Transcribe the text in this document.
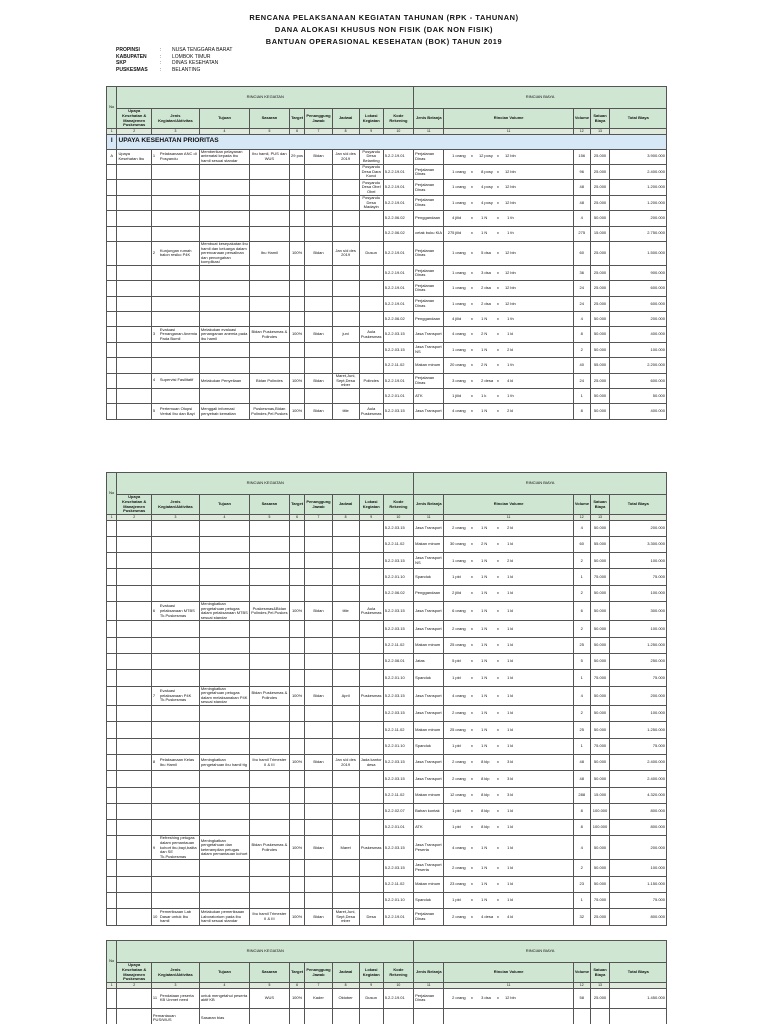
RENCANA PELAKSANAAN KEGIATAN TAHUNAN (RPK - TAHUNAN)
DANA ALOKASI KHUSUS NON FISIK (DAK NON FISIK)
BANTUAN OPERASIONAL KESEHATAN (BOK) TAHUN 2019
PROPINSI	:	NUSA TENGGARA BARAT
KABUPATEN	:	LOMBOK TIMUR
SKP	:	DINAS KESEHATAN
PUSKESMAS	:	BELANTING
No	RINCIAN KEGIATAN									RINCIAN BIAYA				
	Upaya Kesehatan & Manajemen Puskesmas	Jenis Kegiatan/Aktivitas	Tujuan	Sasaran	Target	Penanggung Jawab	Jadwal	Lokasi Kegiatan	Kode Rekening	Jenis Belanja	Rincian Volume	Volume	Satuan Biaya	Total Biaya
1	2	3	4	5	6	7	8	9	10	11	11	12	13	
I	UPAYA KESEHATAN PRIORITAS													
A	Upaya Kesehatan Ibu	1 Pelaksanaan ANC di Posyandu	Memberikan pelayanan antenatal kepada ibu hamil sesuai standar	Ibu hamil, PUS dan WUS	29 pos	Bidan	Jan s/d des 2019	Posyandu Desa Belanting	5.2.2.19.01	Perjalanan Dinas	1orang x 12posy x 12bln	156	25.000	3.900.000
								Posyandu Desa Dara Kunci	5.2.2.19.01	Perjalanan Dinas	1orang x 8posy x 12bln	96	25.000	2.400.000
								Posyandu Desa Obel Obel	5.2.2.19.01	Perjalanan Dinas	1orang x 4posy x 12bln	48	25.000	1.200.000
								Posyandu Desa Madayin	5.2.2.19.01	Perjalanan Dinas	1orang x 4posy x 12bln	48	25.000	1.200.000
									5.2.2.06.02	Penggandaan	4jilid x 1N x 1th	4	50.000	200.000
									5.2.2.06.02	cetak buku KIA	275jilid x 1N x 1th	275	15.000	2.750.000
		2 Kunjungan rumah balon resiko P4K	Membuat kesepakatan ibu hamil dan keluarga dalam perencanaan persalinan dan pencegahan komplikasi	Ibu Hamil	100%	Bidan	Jan s/d des 2019	Dusun	5.2.2.19.01	Perjalanan Dinas	1orang x 5dsa x 12bln	60	25.000	1.500.000
									5.2.2.19.01	Perjalanan Dinas	1orang x 3dsa x 12bln	36	25.000	900.000
									5.2.2.19.01	Perjalanan Dinas	1orang x 2dsa x 12bln	24	25.000	600.000
									5.2.2.19.01	Perjalanan Dinas	1orang x 2dsa x 12bln	24	25.000	600.000
									5.2.2.06.02	Penggandaan	4jilid x 1N x 1th	4	50.000	200.000
		3Evaluasi Penanganan Anemia Pada Bumil	Melakukan evaluasi penanganan anemia pada ibu hamil	Bidan Puskesmas & Polindes	100%	Bidan	juni	Aula Puskesmas	5.2.2.03.15	Jasa Transport	4orang x 2N x 1kl	8	50.000	400.000
									5.2.2.03.15	Jasa Transport NS	1orang x 1N x 2kl	2	50.000	100.000
									5.2.2.11.02	Makan minum	20orang x 2N x 1th	40	55.000	2.200.000
		4 Supervisi Fasilitatif	Melakukan Penyeliaan	Bidan Polindes	100%	Bidan	Maret,Juni, Sept,Desa mber	Polindes	5.2.2.19.01	Perjalanan Dinas	3orang x 2desa x 4kl	24	25.000	600.000
									5.2.2.01.01	ATK	1jilid x 1k x 1th	1	50.000	50.000
		5 Pertemuan Otopsi Verbal Ibu dan Bayi	Menggali informasi penyebab kematian	Puskesmas,Bidan Polindes,Pel.Puskes	100%	Bidan	title	Aula Puskesmas	5.2.2.03.15	Jasa Transport	4orang x 1N x 2kl	8	50.000	400.000
No	RINCIAN KEGIATAN									RINCIAN BIAYA				
	Upaya Kesehatan & Manajemen Puskesmas	Jenis Kegiatan/Aktivitas	Tujuan	Sasaran	Target	Penanggung Jawab	Jadwal	Lokasi Kegiatan	Kode Rekening	Jenis Belanja	Rincian Volume	Volume	Satuan Biaya	Total Biaya
1	2	3	4	5	6	7	8	9	10	11	11	12	13	
									5.2.2.03.15	Jasa Transport	2orang x 1N x 2kl	4	50.000	200.000
									5.2.2.11.02	Makan minum	30orang x 2N x 1kl	60	55.000	3.300.000
									5.2.2.03.15	Jasa Transport NS	1orang x 1N x 2kl	2	50.000	100.000
									5.2.2.01.10	Spanduk	1pkt x 1N x 1kl	1	75.000	75.000
									5.2.2.06.02	Penggandaan	2jilid x 1N x 1kl	2	50.000	100.000
		6Evaluasi pelaksanaan MTBS Tk.Puskesmas	Meningkatkan pengetahuan petugas dalam pelaksanaan MTBS sesuai standar	Puskesmas&Bidan Polindes,Pel.Puskes	100%	Bidan	title	Aula Puskesmas	5.2.2.03.15	Jasa Transport	6orang x 1N x 1kl	6	50.000	300.000
									5.2.2.03.15	Jasa Transport	2orang x 1N x 1kl	2	50.000	100.000
									5.2.2.11.02	Makan minum	25orang x 1N x 1kl	25	50.000	1.250.000
									5.2.2.06.01	Jatas	5pkt x 1N x 1kl	5	50.000	250.000
									5.2.2.01.10	Spanduk	1pkt x 1N x 1kl	1	75.000	75.000
		7Evaluasi pelaksanaan P4K Tk.Puskesmas	Meningkatkan pengetahuan petugas dalam melaksanakan P4K sesuai standar	Bidan Puskesmas & Polindes	100%	Bidan	April	Puskesmas	5.2.2.03.15	Jasa Transport	4orang x 1N x 1kl	4	50.000	200.000
									5.2.2.03.15	Jasa Transport	2orang x 1N x 1kl	2	50.000	100.000
									5.2.2.11.02	Makan minum	25orang x 1N x 1kl	25	50.000	1.250.000
									5.2.2.01.10	Spanduk	1pkt x 1N x 1kl	1	75.000	75.000
		8 Pelaksanaan Kelas Ibu Hamil	Meningkatkan pengetahuan ibu hamil ttg	Ibu hamil Trimester II & III	100%	Bidan	Jan s/d des 2019	Jada kantor desa	5.2.2.03.15	Jasa Transport	2orang x 8klp x 3kl	48	50.000	2.400.000
									5.2.2.03.15	Jasa Transport	2orang x 8klp x 3kl	48	50.000	2.400.000
									5.2.2.11.02	Makan minum	12orang x 8klp x 3kl	288	15.000	4.320.000
									5.2.2.02.07	Bahan kontak	1pkt x 8klp x 1kl	8	100.000	800.000
									5.2.2.01.01	ATK	1pkt x 8klp x 1kl	8	100.000	800.000
		9Refreshing petugas dalam pemantauan kohort ibu,bayi,balita dan SE Tk.Puskesmas	Meningkatkan pengetahuan dan keterampilan petugas dalam pemantauan kohort	Bidan Puskesmas & Polindes	100%	Bidan	Maret	Puskesmas	5.2.2.03.15	Jasa Transport Peserta	4orang x 1N x 1kl	4	50.000	200.000
									5.2.2.03.15	Jasa Transport Peserta	2orang x 1N x 1kl	2	50.000	100.000
									5.2.2.11.02	Makan minum	23orang x 1N x 1kl	23	50.000	1.150.000
									5.2.2.01.10	Spanduk	1pkt x 1N x 1kl	1	75.000	75.000
		10Pemeriksaan Lab Dasar untuk Ibu hamil	Melakukan pemeriksaan Laboratorium pada ibu hamil sesuai standar	Ibu hamil Trimester II & III	100%	Bidan	Maret,Juni, Sept,Desa mber	Desa	5.2.2.19.01	Perjalanan Dinas	2orang x 4desa x 4kl	32	25.000	800.000
No	RINCIAN KEGIATAN									RINCIAN BIAYA				
	Upaya Kesehatan & Manajemen Puskesmas	Jenis Kegiatan/Aktivitas	Tujuan	Sasaran	Target	Penanggung Jawab	Jadwal	Lokasi Kegiatan	Kode Rekening	Jenis Belanja	Rincian Volume	Volume	Satuan Biaya	Total Biaya
1	2	3	4	5	6	7	8	9	10	11	11	12	13	
		11 Pendataan peserta KB Unmet need	untuk mengetahui peserta aktif KB	WUS	100%	Kader	Oktober	Dusun	5.2.2.19.01	Perjalanan Dinas	2orang x 3dsa x 12bln	58	25.000	1.450.000
		Pemantauan PUS/WUS	Sasaran bias											
